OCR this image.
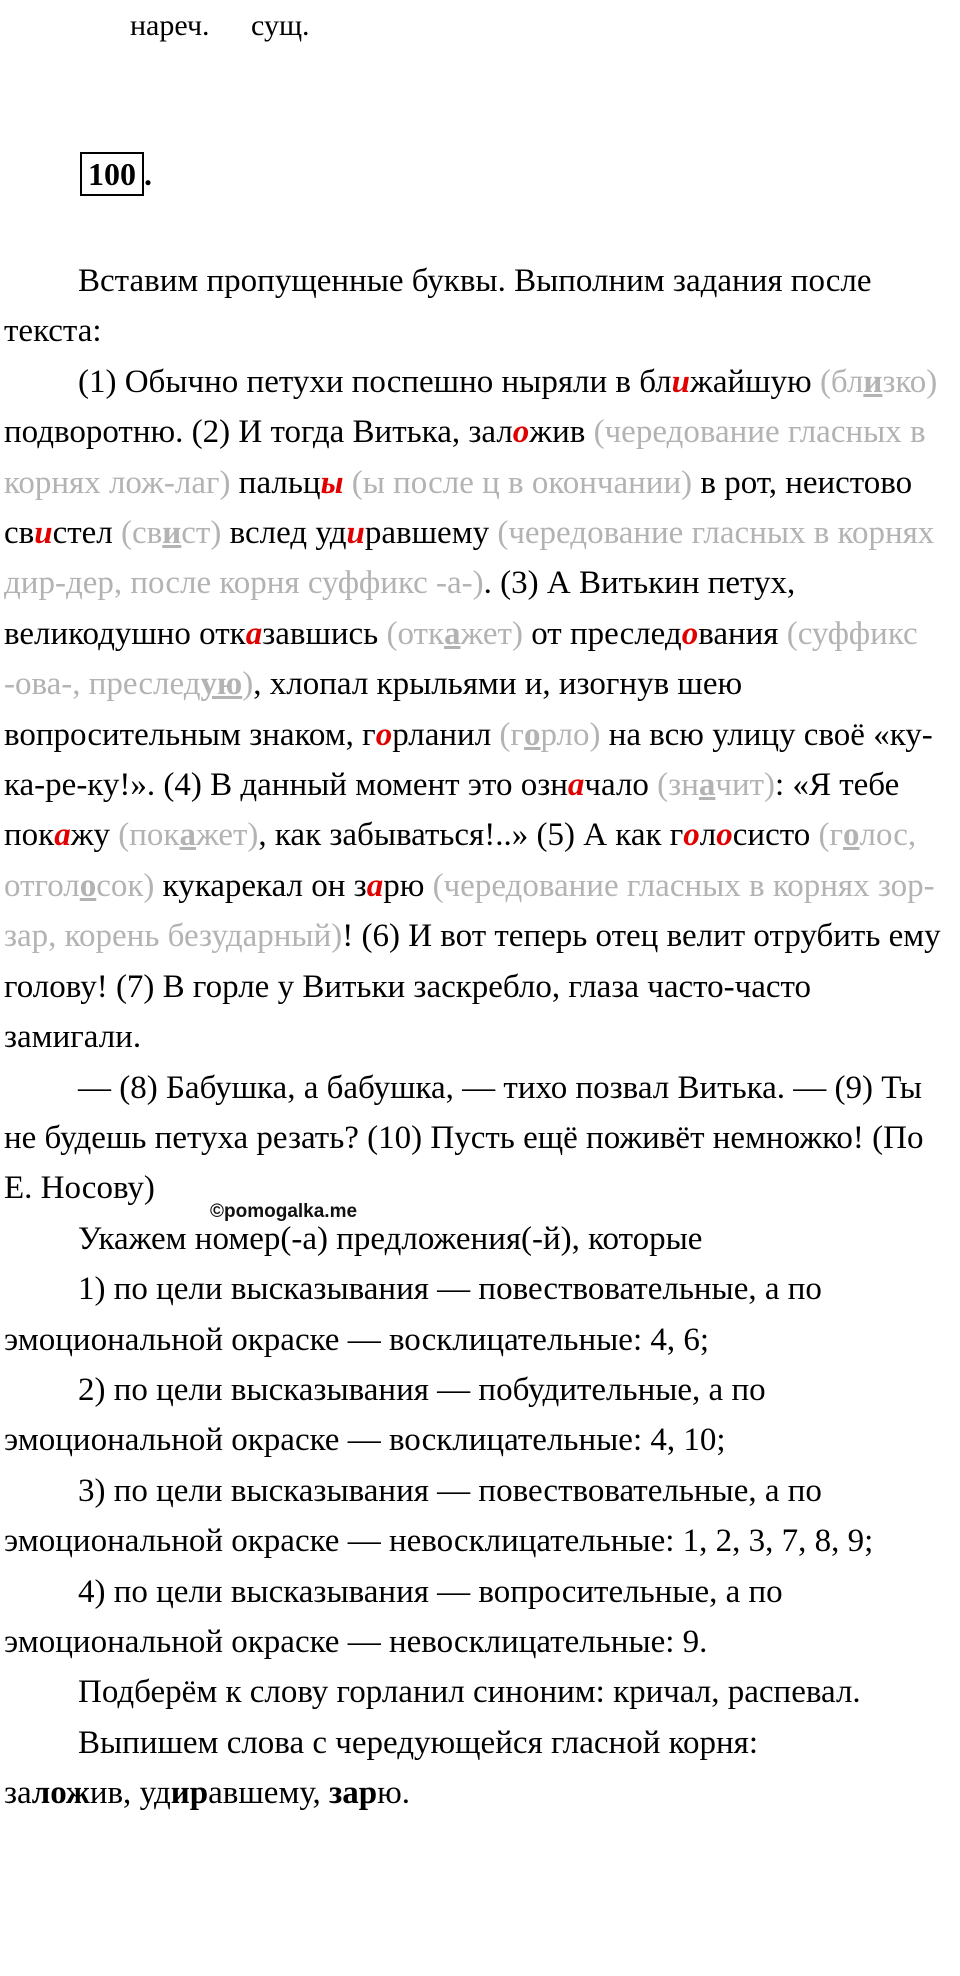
нареч. сущ.
100 .

Вставим пропущенные буквы. Выполним задания после текста:

(1) Обычно петухи поспешно ныряли в ближайшую (близко) подворотню. (2) И тогда Витька, заложив (чередование гласных в корнях лож-лаг) пальцы (ы после ц в окончании) в рот, неистово свистел (свист) вслед удиравшему (чередование гласных в корнях дир-дер, после корня суффикс -а-). (3) А Витькин петух, великодушно отказавшись (откажет) от преследования (суффикс -ова-, преследую), хлопал крыльями и, изогнув шею вопросительным знаком, горланил (горло) на всю улицу своё «ку-ка-ре-ку!». (4) В данный момент это означало (значит): «Я тебе покажу (покажет), как забываться!..» (5) А как голосисто (голос, отголосок) кукарекал он зарю (чередование гласных в корнях зор-зар, корень безударный)! (6) И вот теперь отец велит отрубить ему голову! (7) В горле у Витьки заскребло, глаза часто-часто замигали.

— (8) Бабушка, а бабушка, — тихо позвал Витька. — (9) Ты не будешь петуха резать? (10) Пусть ещё поживёт немножко! (По Е. Носову)

©pomogalka.me

Укажем номер(-а) предложения(-й), которые

1) по цели высказывания — повествовательные, а по эмоциональной окраске — восклицательные: 4, 6;

2) по цели высказывания — побудительные, а по эмоциональной окраске — восклицательные: 4, 10;

3) по цели высказывания — повествовательные, а по эмоциональной окраске — невосклицательные: 1, 2, 3, 7, 8, 9;

4) по цели высказывания — вопросительные, а по эмоциональной окраске — невосклицательные: 9.

Подберём к слову горланил синоним: кричал, распевал.

Выпишем слова с чередующейся гласной корня:

заложив, удиравшему, зарю.
